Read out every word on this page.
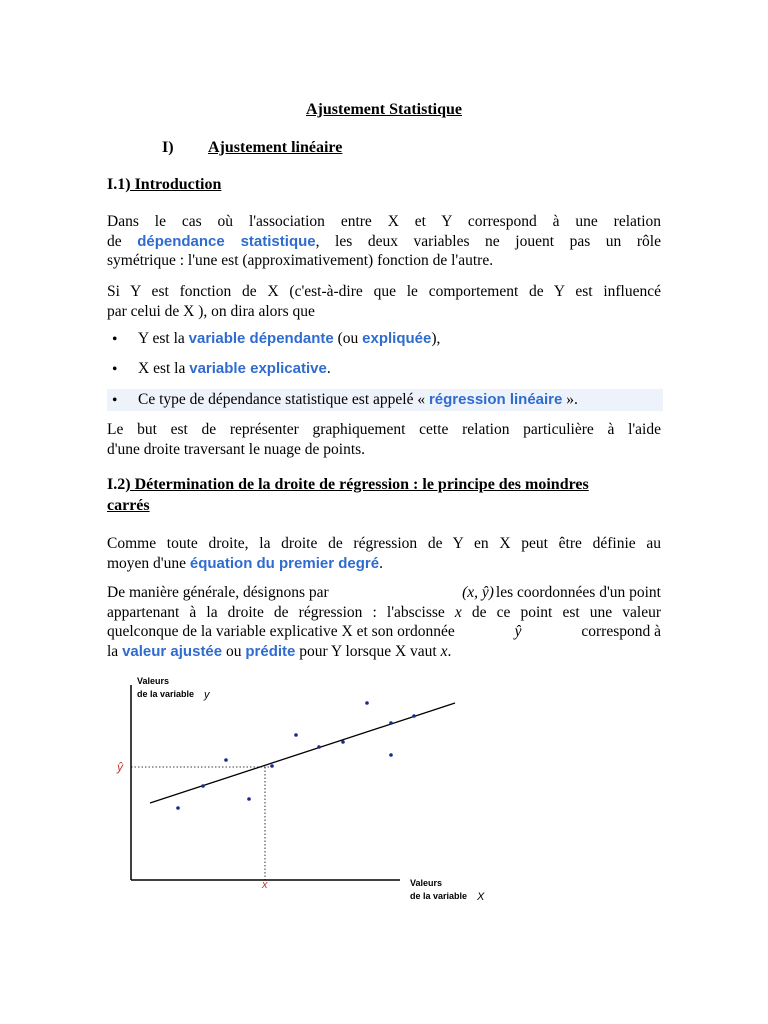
Ajustement Statistique
I) Ajustement linéaire
I.1) Introduction
Dans le cas où l'association entre X et Y correspond à une relation
de dépendance statistique, les deux variables ne jouent pas un rôle
symétrique : l'une est (approximativement) fonction de l'autre.
Si Y est fonction de X (c'est-à-dire que le comportement de Y est influencé
par celui de X ), on dira alors que
• Y est la variable dépendante (ou expliquée),
• X est la variable explicative.
• Ce type de dépendance statistique est appelé « régression linéaire ».
Le but est de représenter graphiquement cette relation particulière à l'aide
d'une droite traversant le nuage de points.
I.2) Détermination de la droite de régression : le principe des moindres
carrés
Comme toute droite, la droite de régression de Y en X peut être définie au
moyen d'une équation du premier degré.
De manière générale, désignons par	(x, ŷ) les coordonnées d'un point
appartenant à la droite de régression : l'abscisse x de ce point est une valeur
quelconque de la variable explicative X et son ordonnée	ŷ	correspond à
la valeur ajustée ou prédite pour Y lorsque X vaut x.
Valeurs
de la variable y
Valeurs
de la variable X
ŷ
x
